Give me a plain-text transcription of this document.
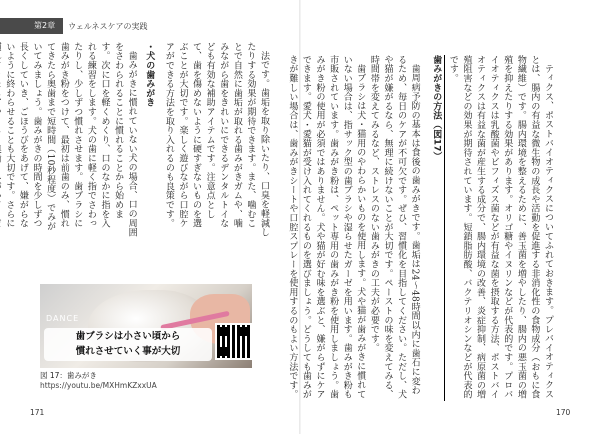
第2章	ウェルネスケアの実践

ティクス、ポストバイオティクスについてふれておきます。プレバイオティクスとは、腸内の有益な微生物の成長や活動を促進する非消化性の食物成分（おもに食物繊維）です。腸内環境を整えるために、善玉菌を増やしたり、腸内の悪玉菌の増殖を抑えたりする効果があります。オリゴ糖やイヌリンなどが代表的です。プロバイオティクスは乳酸菌やビフィズス菌などが有益な菌を摂取する方法、ポストバイオティクスは有益な菌が産生する成分で、腸内環境の改善、炎症抑制、病原菌の増殖阻害などの効果が期待されています。短鎖脂肪酸、バクテリオシンなどが代表的です。

歯みがきの方法（図17）

歯周病予防の基本は食後の歯みがきです。歯垢は24〜48時間以内に歯石に変わるため、毎日のケアが不可欠です。ぜひ、習慣化を目指してください。ただし、犬や猫が嫌がるなら、無理に続けないことが大切です。ペーストの味を変えてみる、時間帯を変えてみるなど、ストレスのない歯みがきの工夫が必要です。

歯ブラシは犬・猫用のやわらかいものを使用します。犬や猫が歯みがきに慣れていない場合は、指サック型の歯ブラシや湿らせたガーゼを用います。歯みがき粉も市販されています。歯みがき粉は、ペット専用の歯みがき粉を使用しましょう。歯みがき粉の使用が必須ではありません。犬や猫が好む味を選ぶと、嫌がらずにケアできます。愛犬・愛猫が受け入れてくれるものを選びましょう。どうしても歯みがきが難しい場合は、歯みがきシートや口腔スプレーを使用するのもよい方法です。

法です。歯垢を取り除いたり、口臭を軽減したりする効果が期待できます。また、噛むことで自然に歯垢が取れる歯みがきガムや、噛みながら歯をきれいにできるデンタルトイなども有効な補助アイテムです。注意点として、歯を傷めないように硬すぎないものを選ぶことが大切です。楽しく遊びながら口腔ケアができる方法を取り入れるのも良策です。

・犬の歯みがき

歯みがきに慣れていない犬の場合、口の周囲をさわられることに慣れることから始めます。次に口を軽くめくり、口のなかに指を入れる練習をします。犬の歯に軽く指でさわったりし、少しずつ慣れさせます。歯ブラシに歯みがき粉をつけて、最初は前歯のみ、慣れてきたら奥歯まで短時間（10秒程度）でみがいてみましょう。歯みがきの時間を少しずつ長くしていき、ごほうびをあげて、嫌がらないように終わらせることも大切です。さらに

DANCE
歯ブラシは小さい頃から
慣れさせていく事が大切
図 17：歯みがき
https://youtu.be/MXHmKZxxUA
171	170
